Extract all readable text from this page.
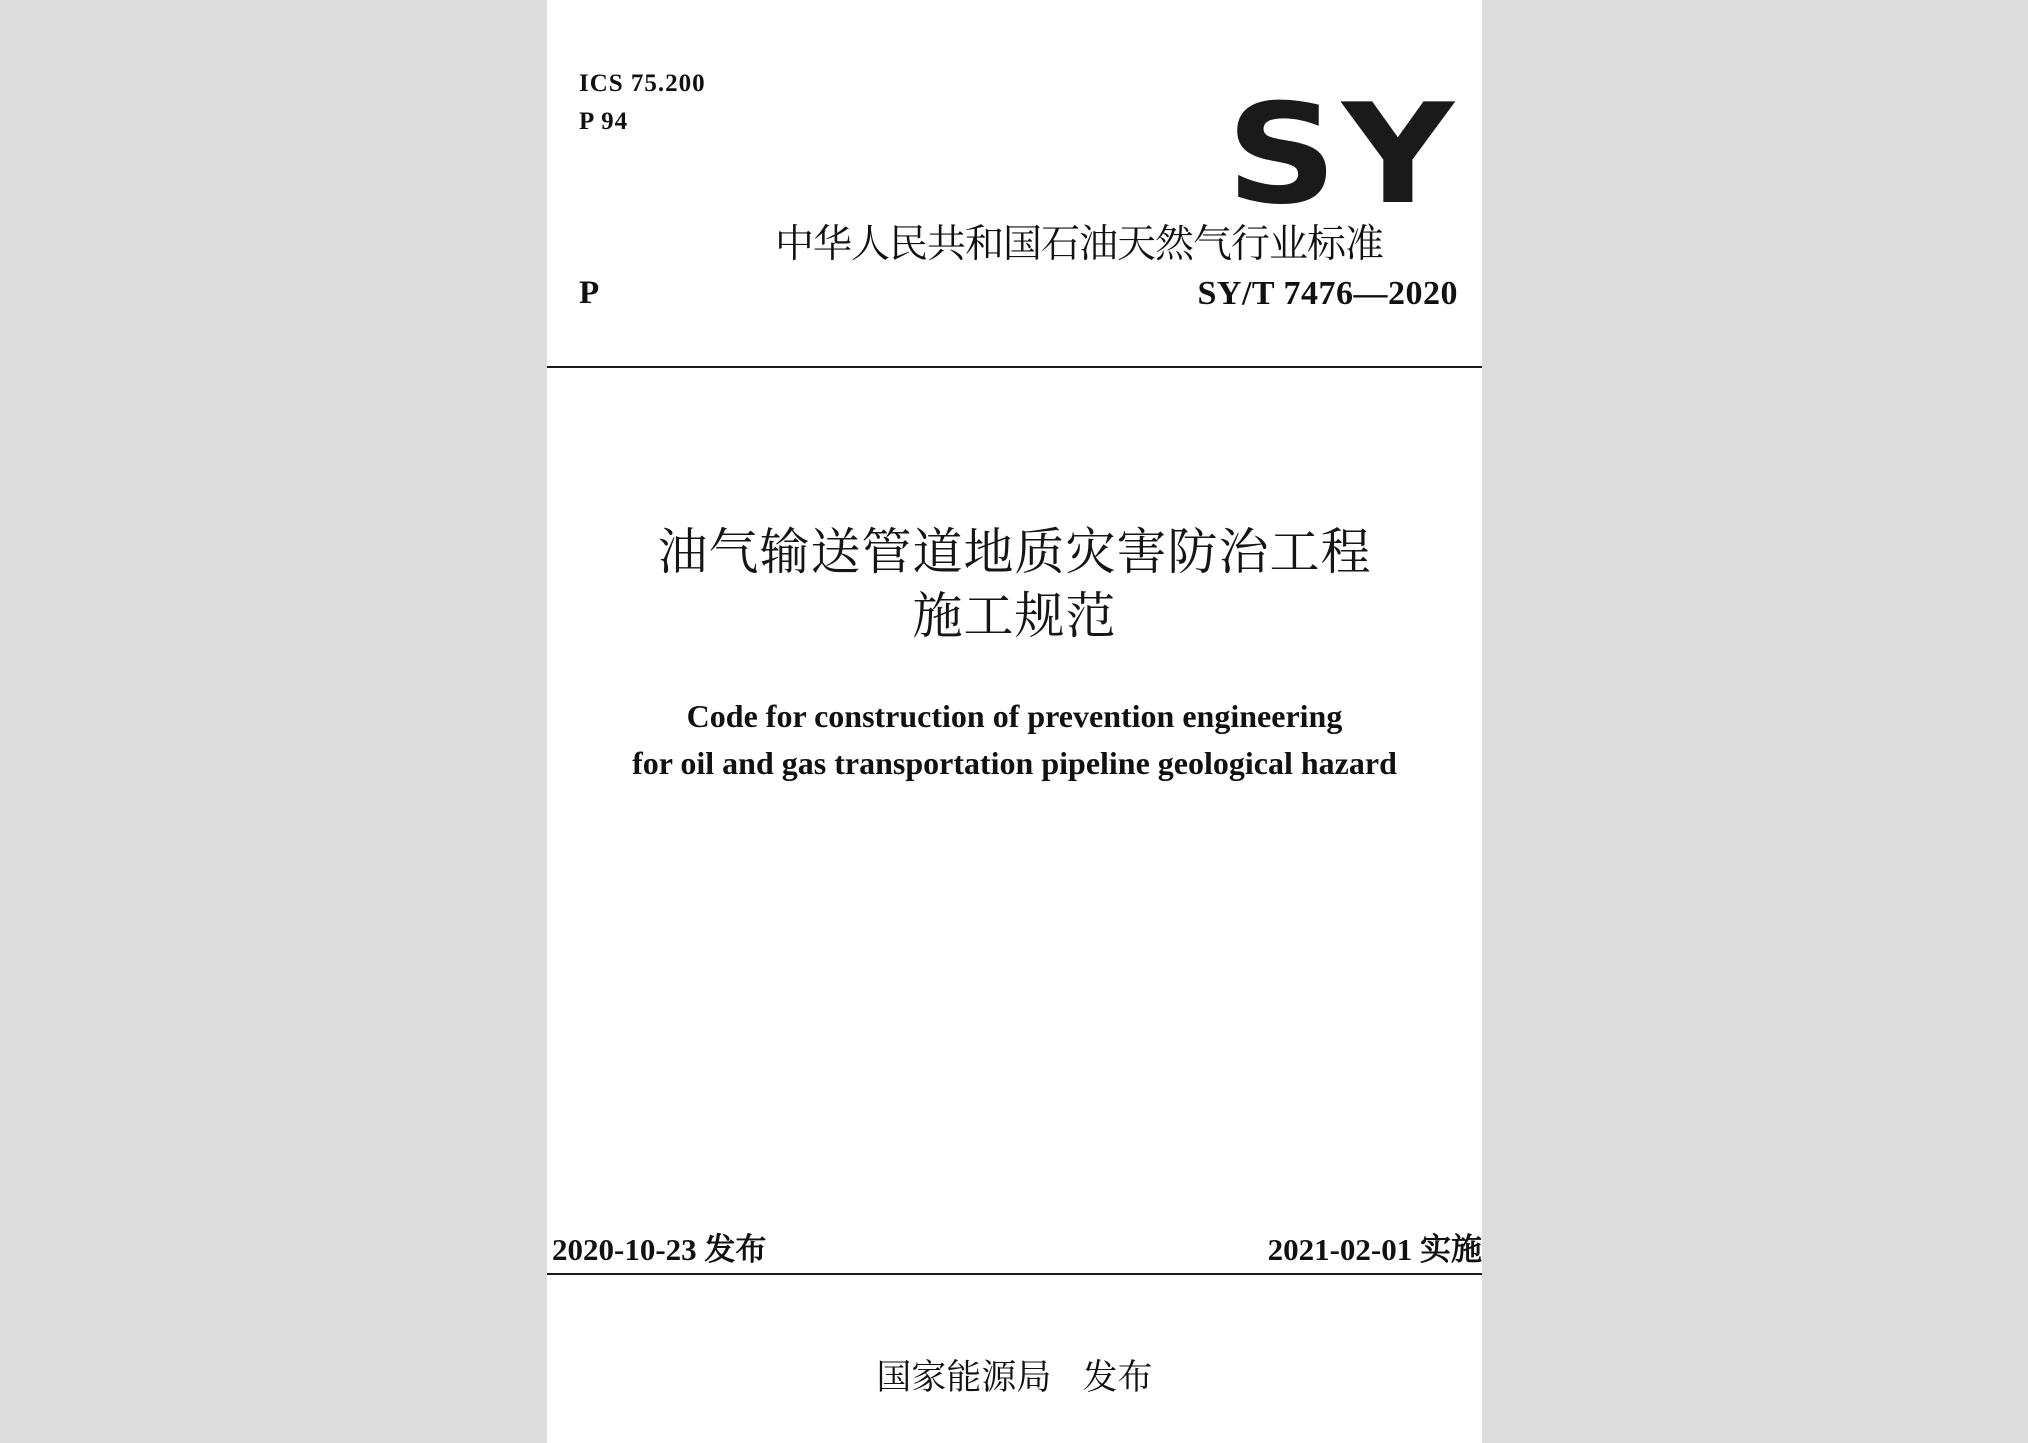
ICS 75.200
P 94	SY
中华人民共和国石油天然气行业标准
P	SY/T 7476—2020
油气输送管道地质灾害防治工程
施工规范
Code for construction of prevention engineering
for oil and gas transportation pipeline geological hazard
2020-10-23 发布	2021-02-01 实施
国家能源局 发布
